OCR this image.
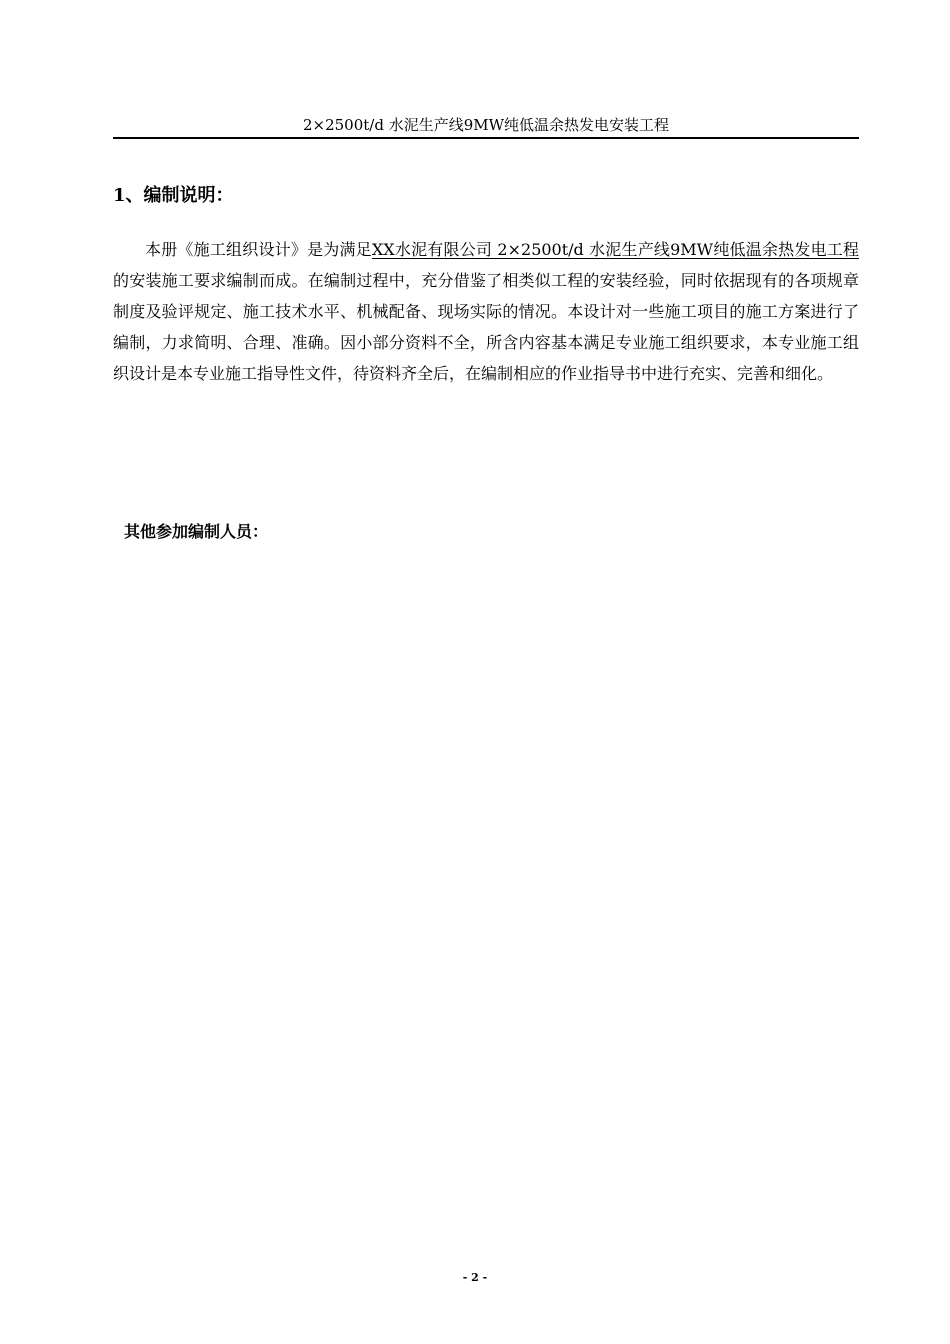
2×2500t/d 水泥生产线9MW纯低温余热发电安装工程
1、编制说明：

本册《施工组织设计》是为满足XX水泥有限公司 2×2500t/d 水泥生产线9MW纯低温余热发电工程的安装施工要求编制而成。在编制过程中，充分借鉴了相类似工程的安装经验，同时依据现有的各项规章制度及验评规定、施工技术水平、机械配备、现场实际的情况。本设计对一些施工项目的施工方案进行了编制，力求简明、合理、准确。因小部分资料不全，所含内容基本满足专业施工组织要求，本专业施工组织设计是本专业施工指导性文件，待资料齐全后，在编制相应的作业指导书中进行充实、完善和细化。

其他参加编制人员：
- 2 -
